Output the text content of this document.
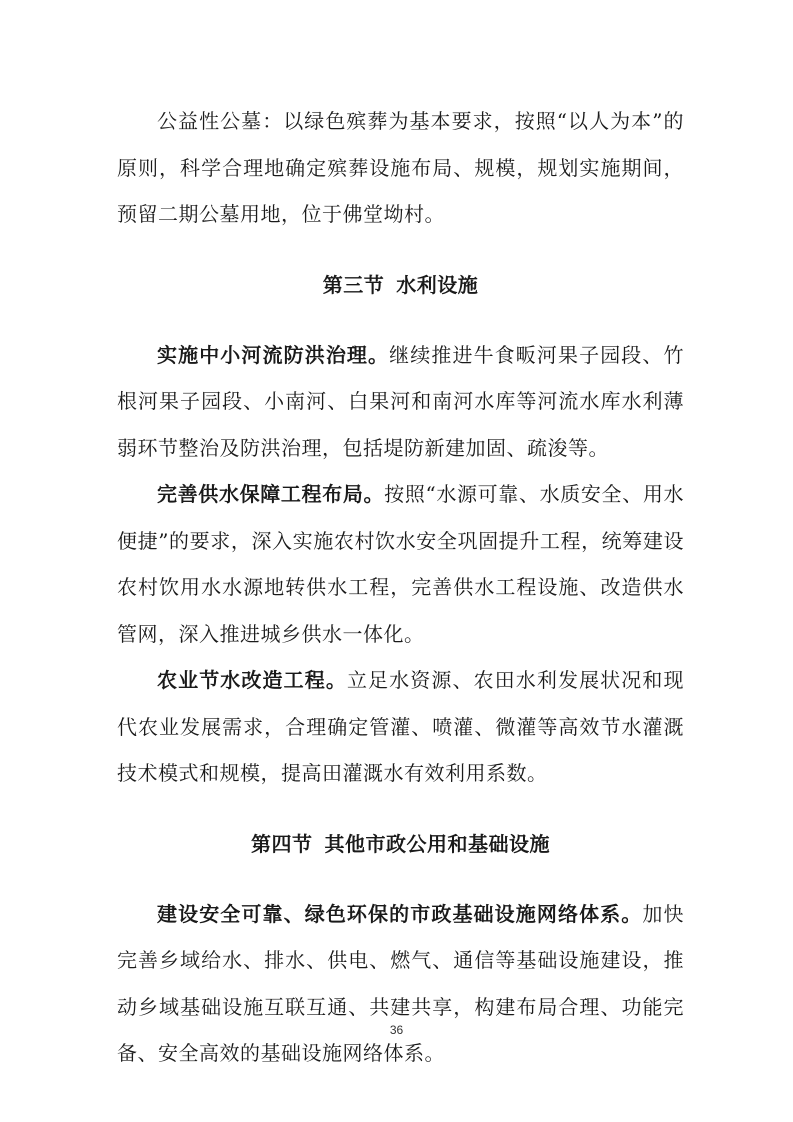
公益性公墓：以绿色殡葬为基本要求，按照“以人为本”的原则，科学合理地确定殡葬设施布局、规模，规划实施期间，预留二期公墓用地，位于佛堂坳村。

第三节 水利设施

实施中小河流防洪治理。继续推进牛食畈河果子园段、竹根河果子园段、小南河、白果河和南河水库等河流水库水利薄弱环节整治及防洪治理，包括堤防新建加固、疏浚等。

完善供水保障工程布局。按照“水源可靠、水质安全、用水便捷”的要求，深入实施农村饮水安全巩固提升工程，统筹建设农村饮用水水源地转供水工程，完善供水工程设施、改造供水管网，深入推进城乡供水一体化。

农业节水改造工程。立足水资源、农田水利发展状况和现代农业发展需求，合理确定管灌、喷灌、微灌等高效节水灌溉技术模式和规模，提高田灌溉水有效利用系数。

第四节 其他市政公用和基础设施

建设安全可靠、绿色环保的市政基础设施网络体系。加快完善乡域给水、排水、供电、燃气、通信等基础设施建设，推动乡域基础设施互联互通、共建共享，构建布局合理、功能完备、安全高效的基础设施网络体系。

36
